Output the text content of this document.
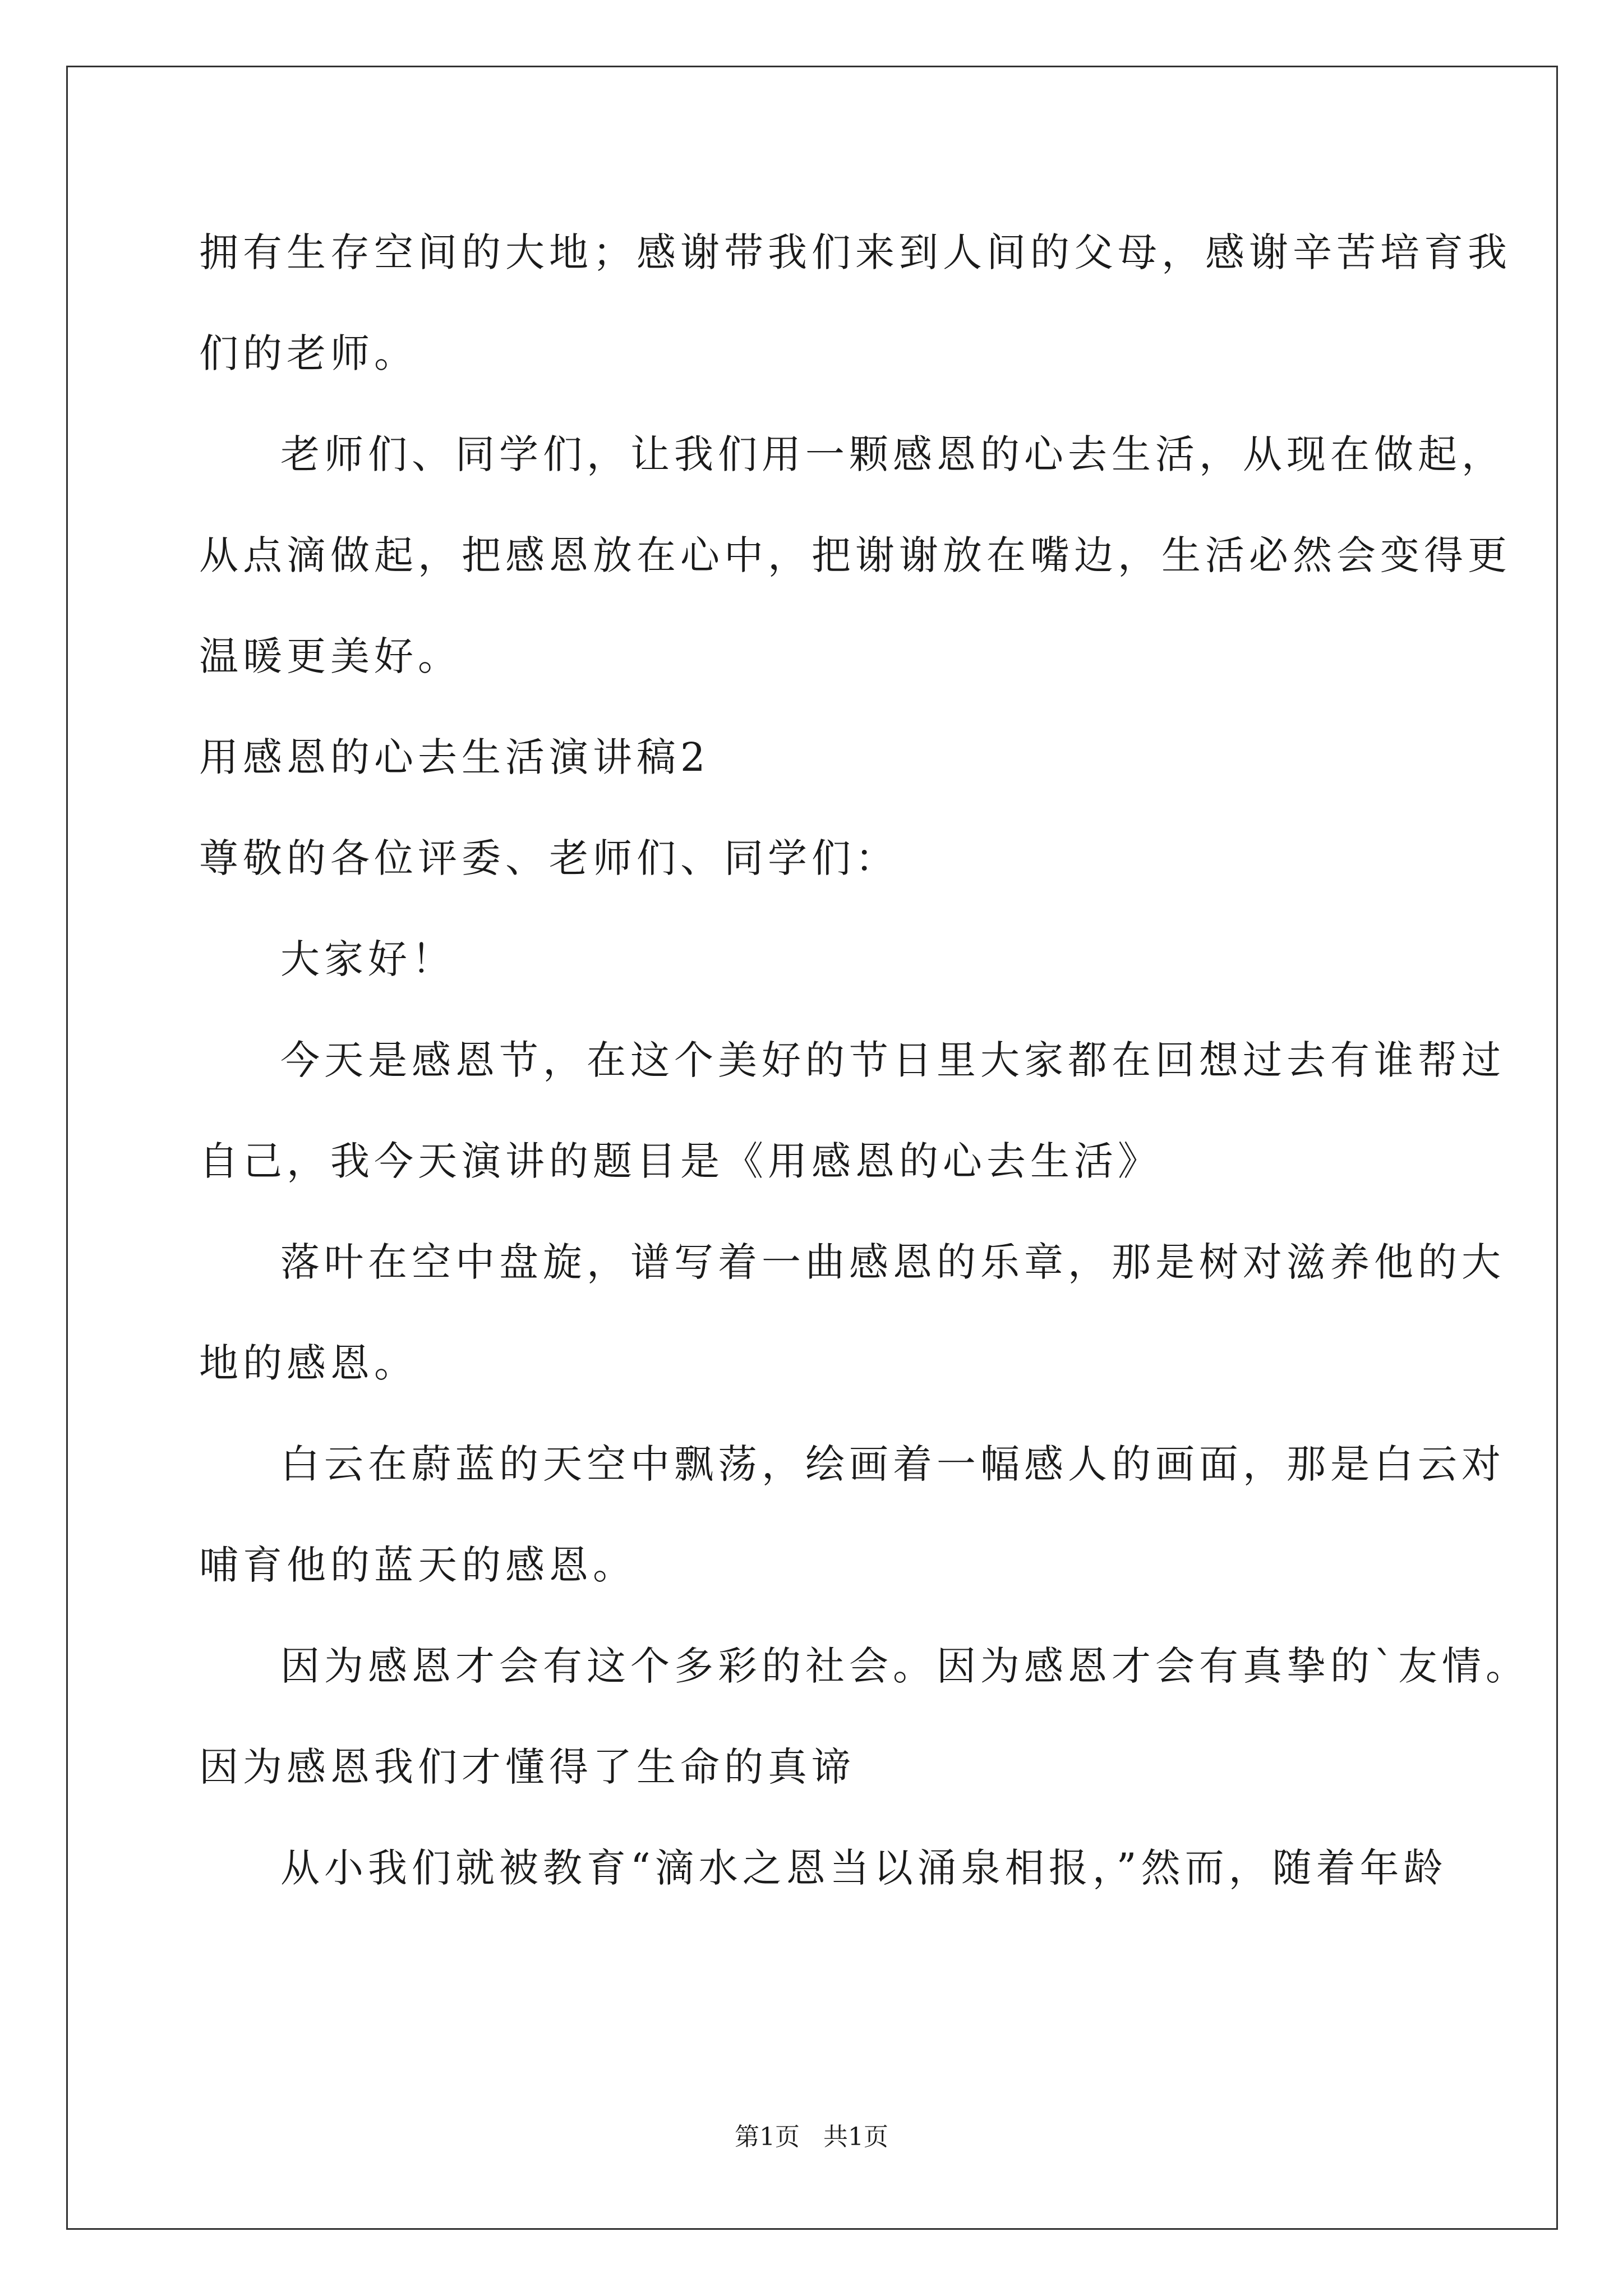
拥有生存空间的大地；感谢带我们来到人间的父母，感谢辛苦培育我
们的老师。
老师们、同学们，让我们用一颗感恩的心去生活，从现在做起，
从点滴做起，把感恩放在心中，把谢谢放在嘴边，生活必然会变得更
温暖更美好。
用感恩的心去生活演讲稿2
尊敬的各位评委、老师们、同学们：
大家好！
今天是感恩节，在这个美好的节日里大家都在回想过去有谁帮过
自己，我今天演讲的题目是《用感恩的心去生活》
落叶在空中盘旋，谱写着一曲感恩的乐章，那是树对滋养他的大
地的感恩。
白云在蔚蓝的天空中飘荡，绘画着一幅感人的画面，那是白云对
哺育他的蓝天的感恩。
因为感恩才会有这个多彩的社会。因为感恩才会有真挚的`友情。
因为感恩我们才懂得了生命的真谛
从小我们就被教育“滴水之恩当以涌泉相报，”然而，随着年龄
第1页 共1页
